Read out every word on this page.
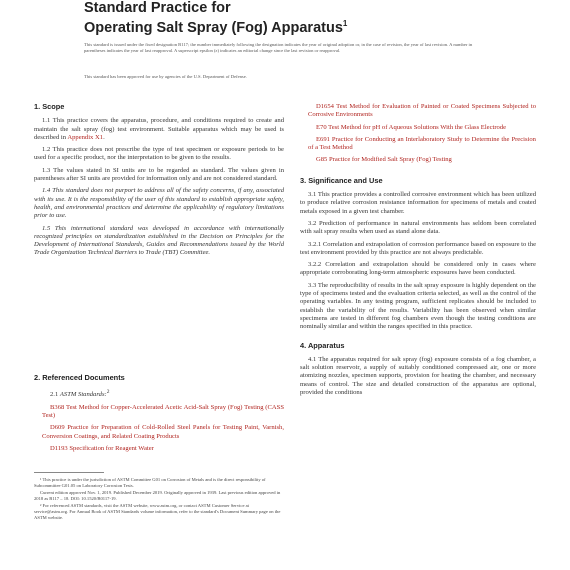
Standard Practice for
Operating Salt Spray (Fog) Apparatus$^1$
This standard is issued under the fixed designation B117; the number immediately following the designation indicates the year of original adoption or, in the case of revision, the year of last revision. A number in parentheses indicates the year of last reapproval. A superscript epsilon (ε) indicates an editorial change since the last revision or reapproval.
This standard has been approved for use by agencies of the U.S. Department of Defense.
1. Scope

1.1 This practice covers the apparatus, procedure, and conditions required to create and maintain the salt spray (fog) test environment. Suitable apparatus which may be used is described in Appendix X1.

1.2 This practice does not prescribe the type of test specimen or exposure periods to be used for a specific product, nor the interpretation to be given to the results.

1.3 The values stated in SI units are to be regarded as standard. The values given in parentheses after SI units are provided for information only and are not considered standard.

1.4 This standard does not purport to address all of the safety concerns, if any, associated with its use. It is the responsibility of the user of this standard to establish appropriate safety, health, and environmental practices and determine the applicability of regulatory limitations prior to use.

1.5 This international standard was developed in accordance with internationally recognized principles on standardization established in the Decision on Principles for the Development of International Standards, Guides and Recommendations issued by the World Trade Organization Technical Barriers to Trade (TBT) Committee.

2. Referenced Documents

2.1 ASTM Standards:$^2$

B368 Test Method for Copper-Accelerated Acetic Acid-Salt Spray (Fog) Testing (CASS Test)

D609 Practice for Preparation of Cold-Rolled Steel Panels for Testing Paint, Varnish, Conversion Coatings, and Related Coating Products

D1193 Specification for Reagent Water

¹ This practice is under the jurisdiction of ASTM Committee G01 on Corrosion of Metals and is the direct responsibility of Subcommittee G01.05 on Laboratory Corrosion Tests.

Current edition approved Nov. 1, 2019. Published December 2019. Originally approved in 1939. Last previous edition approved in 2018 as B117 – 18. DOI: 10.1520/B0117-19.

² For referenced ASTM standards, visit the ASTM website, www.astm.org, or contact ASTM Customer Service at service@astm.org. For Annual Book of ASTM Standards volume information, refer to the standard's Document Summary page on the ASTM website.

D1654 Test Method for Evaluation of Painted or Coated Specimens Subjected to Corrosive Environments

E70 Test Method for pH of Aqueous Solutions With the Glass Electrode

E691 Practice for Conducting an Interlaboratory Study to Determine the Precision of a Test Method

G85 Practice for Modified Salt Spray (Fog) Testing

3. Significance and Use

3.1 This practice provides a controlled corrosive environment which has been utilized to produce relative corrosion resistance information for specimens of metals and coated metals exposed in a given test chamber.

3.2 Prediction of performance in natural environments has seldom been correlated with salt spray results when used as stand alone data.

3.2.1 Correlation and extrapolation of corrosion performance based on exposure to the test environment provided by this practice are not always predictable.

3.2.2 Correlation and extrapolation should be considered only in cases where appropriate corroborating long-term atmospheric exposures have been conducted.

3.3 The reproducibility of results in the salt spray exposure is highly dependent on the type of specimens tested and the evaluation criteria selected, as well as the control of the operating variables. In any testing program, sufficient replicates should be included to establish the variability of the results. Variability has been observed when similar specimens are tested in different fog chambers even though the testing conditions are nominally similar and within the ranges specified in this practice.

4. Apparatus

4.1 The apparatus required for salt spray (fog) exposure consists of a fog chamber, a salt solution reservoir, a supply of suitably conditioned compressed air, one or more atomizing nozzles, specimen supports, provision for heating the chamber, and necessary means of control. The size and detailed construction of the apparatus are optional, provided the conditions
